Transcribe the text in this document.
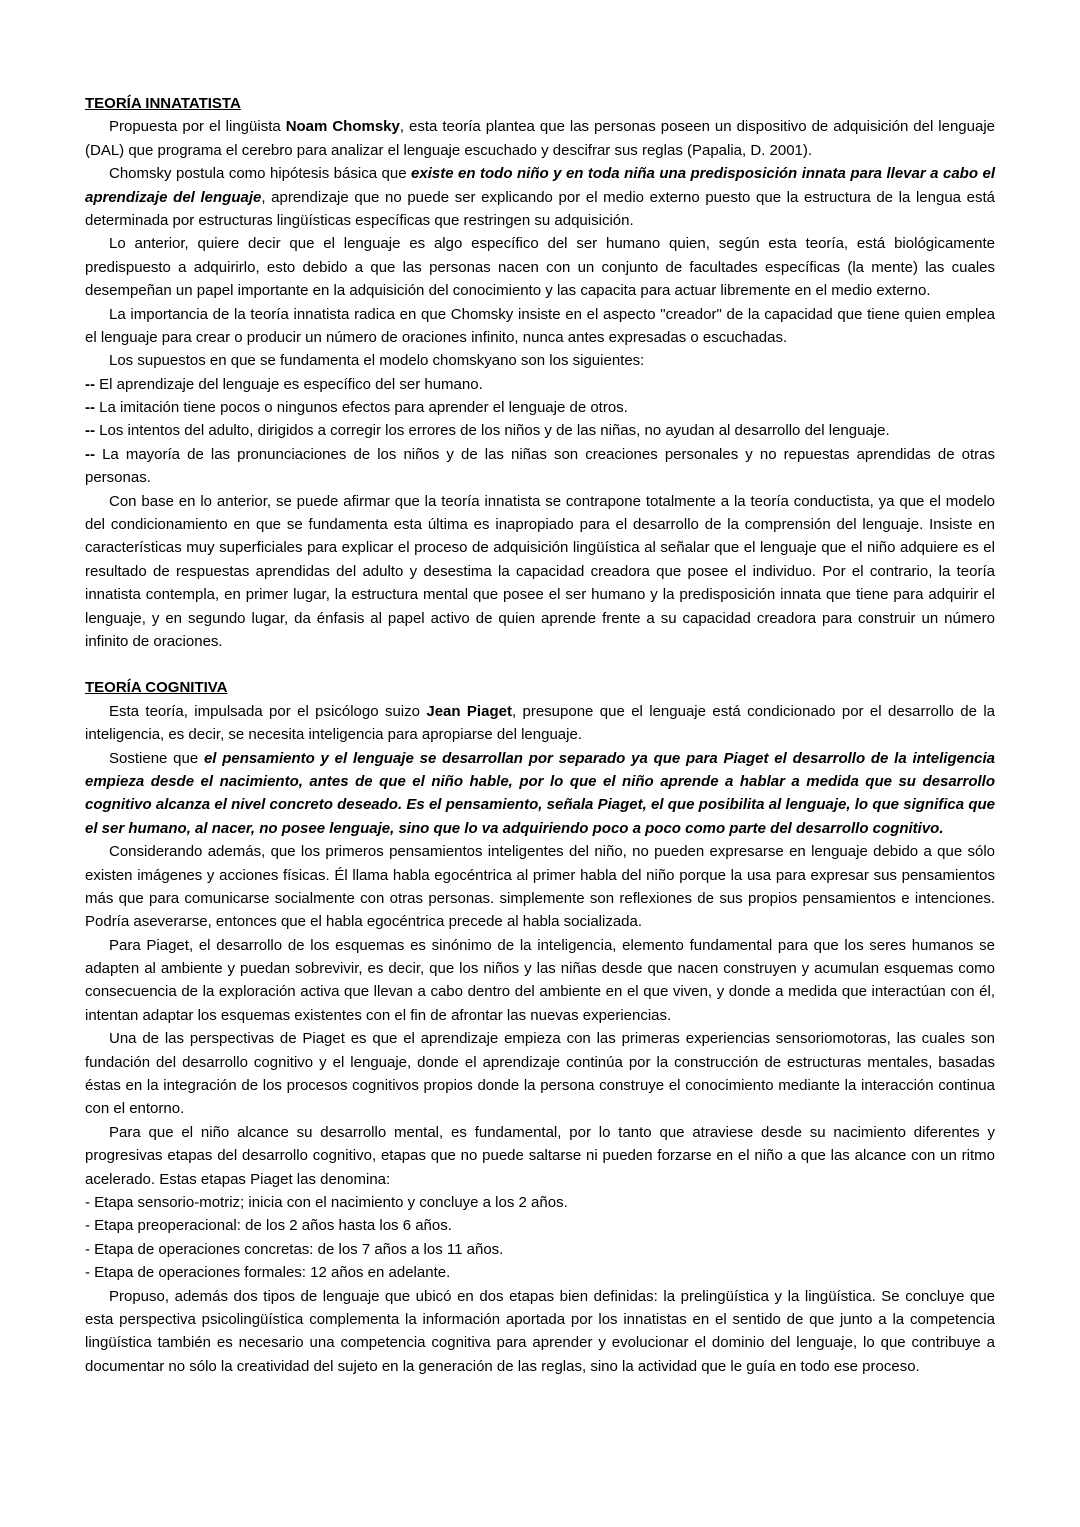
TEORÍA INNATATISTA

Propuesta por el lingüista Noam Chomsky, esta teoría plantea que las personas poseen un dispositivo de adquisición del lenguaje (DAL) que programa el cerebro para analizar el lenguaje escuchado y descifrar sus reglas (Papalia, D. 2001).

Chomsky postula como hipótesis básica que existe en todo niño y en toda niña una predisposición innata para llevar a cabo el aprendizaje del lenguaje, aprendizaje que no puede ser explicando por el medio externo puesto que la estructura de la lengua está determinada por estructuras lingüísticas específicas que restringen su adquisición.

Lo anterior, quiere decir que el lenguaje es algo específico del ser humano quien, según esta teoría, está biológicamente predispuesto a adquirirlo, esto debido a que las personas nacen con un conjunto de facultades específicas (la mente) las cuales desempeñan un papel importante en la adquisición del conocimiento y las capacita para actuar libremente en el medio externo.

La importancia de la teoría innatista radica en que Chomsky insiste en el aspecto "creador" de la capacidad que tiene quien emplea el lenguaje para crear o producir un número de oraciones infinito, nunca antes expresadas o escuchadas.

Los supuestos en que se fundamenta el modelo chomskyano son los siguientes:

-- El aprendizaje del lenguaje es específico del ser humano.

-- La imitación tiene pocos o ningunos efectos para aprender el lenguaje de otros.

-- Los intentos del adulto, dirigidos a corregir los errores de los niños y de las niñas, no ayudan al desarrollo del lenguaje.

-- La mayoría de las pronunciaciones de los niños y de las niñas son creaciones personales y no repuestas aprendidas de otras personas.

Con base en lo anterior, se puede afirmar que la teoría innatista se contrapone totalmente a la teoría conductista, ya que el modelo del condicionamiento en que se fundamenta esta última es inapropiado para el desarrollo de la comprensión del lenguaje. Insiste en características muy superficiales para explicar el proceso de adquisición lingüística al señalar que el lenguaje que el niño adquiere es el resultado de respuestas aprendidas del adulto y desestima la capacidad creadora que posee el individuo. Por el contrario, la teoría innatista contempla, en primer lugar, la estructura mental que posee el ser humano y la predisposición innata que tiene para adquirir el lenguaje, y en segundo lugar, da énfasis al papel activo de quien aprende frente a su capacidad creadora para construir un número infinito de oraciones.

TEORÍA COGNITIVA

Esta teoría, impulsada por el psicólogo suizo Jean Piaget, presupone que el lenguaje está condicionado por el desarrollo de la inteligencia, es decir, se necesita inteligencia para apropiarse del lenguaje.

Sostiene que el pensamiento y el lenguaje se desarrollan por separado ya que para Piaget el desarrollo de la inteligencia empieza desde el nacimiento, antes de que el niño hable, por lo que el niño aprende a hablar a medida que su desarrollo cognitivo alcanza el nivel concreto deseado. Es el pensamiento, señala Piaget, el que posibilita al lenguaje, lo que significa que el ser humano, al nacer, no posee lenguaje, sino que lo va adquiriendo poco a poco como parte del desarrollo cognitivo.

Considerando además, que los primeros pensamientos inteligentes del niño, no pueden expresarse en lenguaje debido a que sólo existen imágenes y acciones físicas. Él llama habla egocéntrica al primer habla del niño porque la usa para expresar sus pensamientos más que para comunicarse socialmente con otras personas. simplemente son reflexiones de sus propios pensamientos e intenciones. Podría aseverarse, entonces que el habla egocéntrica precede al habla socializada.

Para Piaget, el desarrollo de los esquemas es sinónimo de la inteligencia, elemento fundamental para que los seres humanos se adapten al ambiente y puedan sobrevivir, es decir, que los niños y las niñas desde que nacen construyen y acumulan esquemas como consecuencia de la exploración activa que llevan a cabo dentro del ambiente en el que viven, y donde a medida que interactúan con él, intentan adaptar los esquemas existentes con el fin de afrontar las nuevas experiencias.

Una de las perspectivas de Piaget es que el aprendizaje empieza con las primeras experiencias sensoriomotoras, las cuales son fundación del desarrollo cognitivo y el lenguaje, donde el aprendizaje continúa por la construcción de estructuras mentales, basadas éstas en la integración de los procesos cognitivos propios donde la persona construye el conocimiento mediante la interacción continua con el entorno.

Para que el niño alcance su desarrollo mental, es fundamental, por lo tanto que atraviese desde su nacimiento diferentes y progresivas etapas del desarrollo cognitivo, etapas que no puede saltarse ni pueden forzarse en el niño a que las alcance con un ritmo acelerado. Estas etapas Piaget las denomina:

- Etapa sensorio-motriz; inicia con el nacimiento y concluye a los 2 años.

- Etapa preoperacional: de los 2 años hasta los 6 años.

- Etapa de operaciones concretas: de los 7 años a los 11 años.

- Etapa de operaciones formales: 12 años en adelante.

Propuso, además dos tipos de lenguaje que ubicó en dos etapas bien definidas: la prelingüística y la lingüística. Se concluye que esta perspectiva psicolingüística complementa la información aportada por los innatistas en el sentido de que junto a la competencia lingüística también es necesario una competencia cognitiva para aprender y evolucionar el dominio del lenguaje, lo que contribuye a documentar no sólo la creatividad del sujeto en la generación de las reglas, sino la actividad que le guía en todo ese proceso.
